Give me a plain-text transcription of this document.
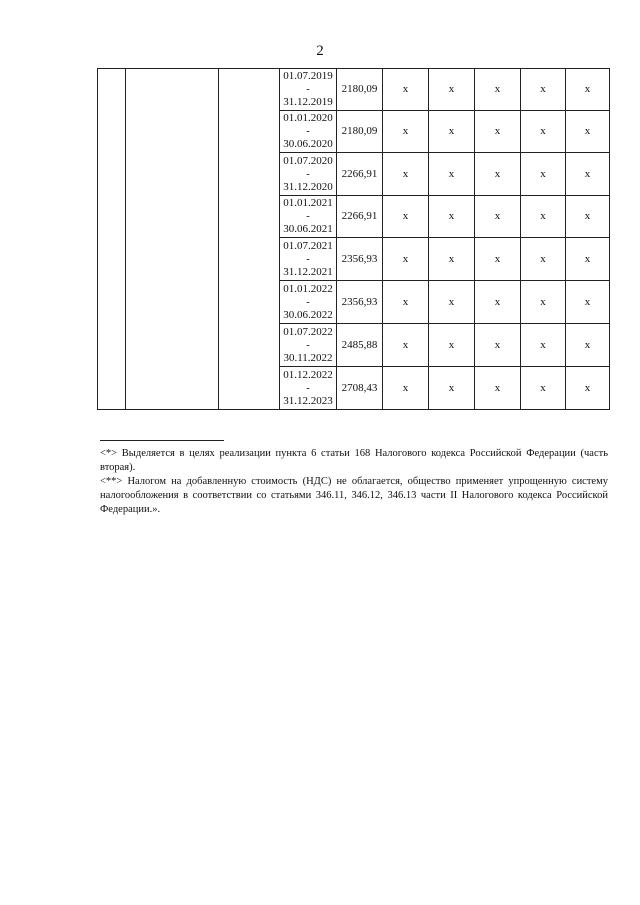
2

			01.07.2019
-
31.12.2019	2180,09	х	х	х	х	х

			01.01.2020
-
30.06.2020	2180,09	х	х	х	х	х

			01.07.2020
-
31.12.2020	2266,91	х	х	х	х	х

			01.01.2021
-
30.06.2021	2266,91	х	х	х	х	х

			01.07.2021
-
31.12.2021	2356,93	х	х	х	х	х

			01.01.2022
-
30.06.2022	2356,93	х	х	х	х	х

			01.07.2022
-
30.11.2022	2485,88	х	х	х	х	х

			01.12.2022
-
31.12.2023	2708,43	х	х	х	х	х

<*> Выделяется в целях реализации пункта 6 статьи 168 Налогового кодекса Российской Федерации (часть вторая).

<**> Налогом на добавленную стоимость (НДС) не облагается, общество применяет упрощенную систему налогообложения в соответствии со статьями 346.11, 346.12, 346.13 части II Налогового кодекса Российской Федерации.».
